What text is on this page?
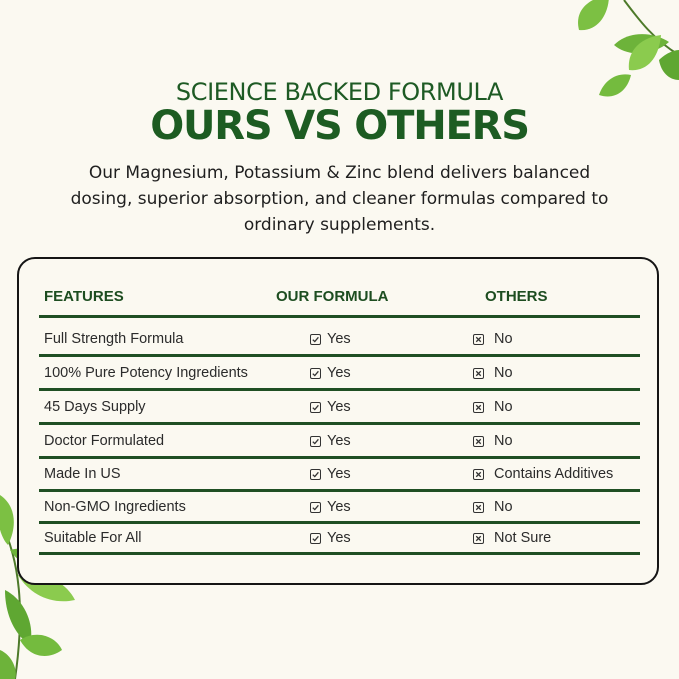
SCIENCE BACKED FORMULA
OURS VS OTHERS
Our Magnesium, Potassium & Zinc blend delivers balanced
dosing, superior absorption, and cleaner formulas compared to
ordinary supplements.
FEATURES	OUR FORMULA	OTHERS
Full Strength Formula	Yes	No
100% Pure Potency Ingredients	Yes	No
45 Days Supply	Yes	No
Doctor Formulated	Yes	No
Made In US	Yes	Contains Additives
Non-GMO Ingredients	Yes	No
Suitable For All	Yes	Not Sure
